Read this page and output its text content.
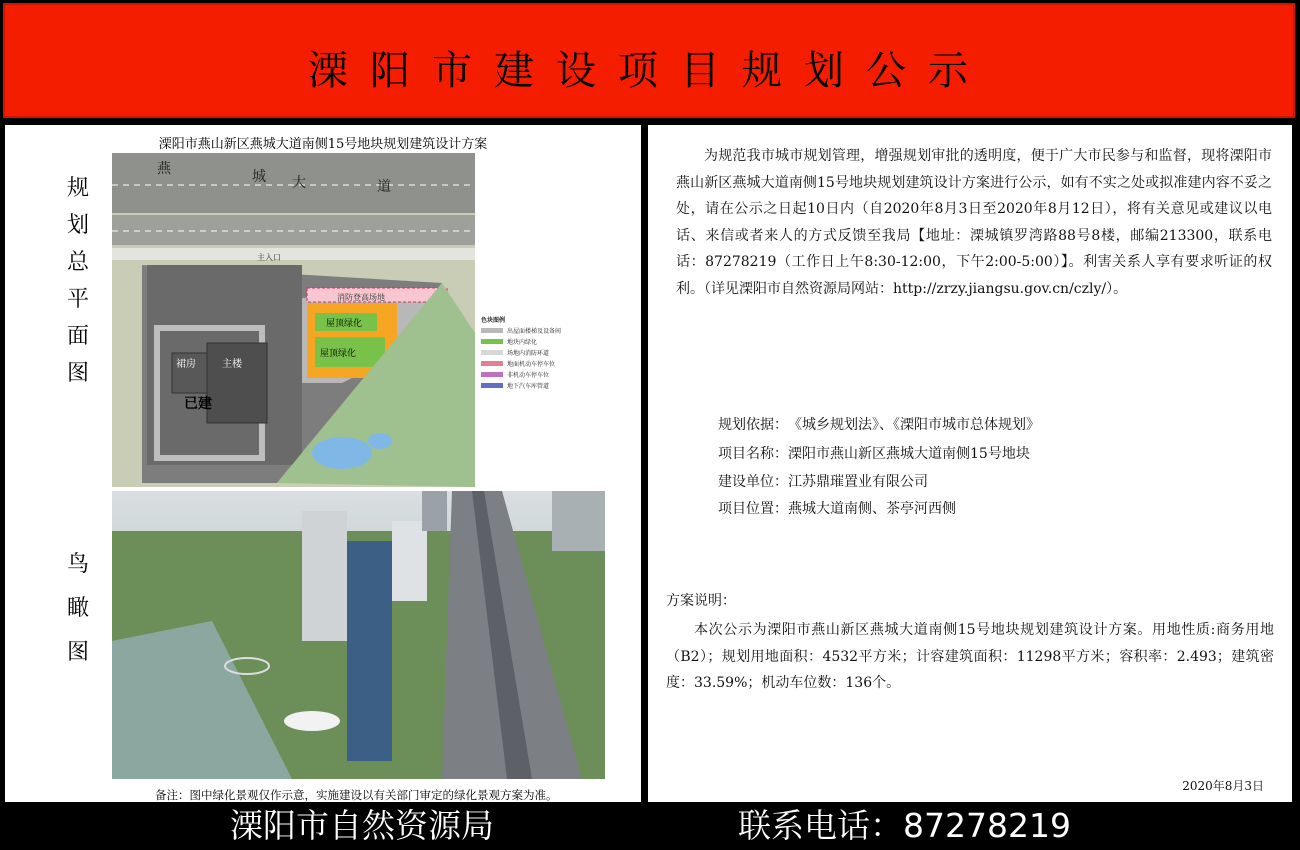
溧阳市建设项目规划公示
溧阳市燕山新区燕城大道南侧15号地块规划建筑设计方案
规
划
总
平
面
图
鸟
瞰
图
燕	城 大	道
主楼
裙房
已建
屋顶绿化
屋顶绿化
消防登高场地
主入口
色块图例
出屋面楼梯及设备间
地块内绿化
场地内消防环道
地面机动车停车位
非机动车停车位
地下汽车库管道
备注：图中绿化景观仅作示意，实施建设以有关部门审定的绿化景观方案为准。
为规范我市城市规划管理，增强规划审批的透明度，便于广大市民参与和监督，现将溧阳市燕山新区燕城大道南侧15号地块规划建筑设计方案进行公示，如有不实之处或拟准建内容不妥之处，请在公示之日起10日内（自2020年8月3日至2020年8月12日），将有关意见或建议以电话、来信或者来人的方式反馈至我局【地址：溧城镇罗湾路88号8楼，邮编213300，联系电话：87278219（工作日上午8:30-12:00，下午2:00-5:00）】。利害关系人享有要求听证的权利。（详见溧阳市自然资源局网站：http://zrzy.jiangsu.gov.cn/czly/）。
规划依据：《城乡规划法》、《溧阳市城市总体规划》
项目名称：溧阳市燕山新区燕城大道南侧15号地块
建设单位：江苏鼎璀置业有限公司
项目位置：燕城大道南侧、茶亭河西侧
方案说明：
本次公示为溧阳市燕山新区燕城大道南侧15号地块规划建筑设计方案。用地性质:商务用地（B2）；规划用地面积：4532平方米；计容建筑面积：11298平方米；容积率：2.493；建筑密度：33.59%；机动车位数：136个。
2020年8月3日
溧阳市自然资源局	联系电话：87278219
